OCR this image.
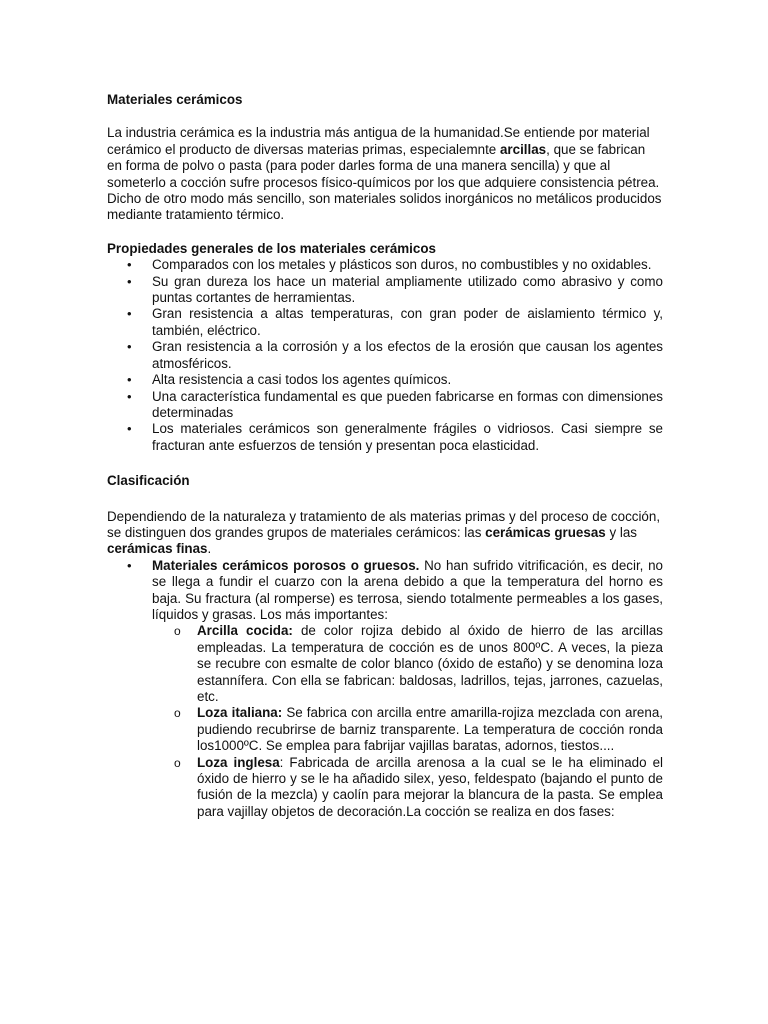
Materiales cerámicos

La industria cerámica es la industria más antigua de la humanidad.Se entiende por material cerámico el producto de diversas materias primas, especialemnte arcillas, que se fabrican en forma de polvo o pasta (para poder darles forma de una manera sencilla) y que al someterlo a cocción sufre procesos físico-químicos por los que adquiere consistencia pétrea. Dicho de otro modo más sencillo, son materiales solidos inorgánicos no metálicos producidos mediante tratamiento térmico.

Propiedades generales de los materiales cerámicos
• Comparados con los metales y plásticos son duros, no combustibles y no oxidables.
• Su gran dureza los hace un material ampliamente utilizado como abrasivo y como puntas cortantes de herramientas.
• Gran resistencia a altas temperaturas, con gran poder de aislamiento térmico y, también, eléctrico.
• Gran resistencia a la corrosión y a los efectos de la erosión que causan los agentes atmosféricos.
• Alta resistencia a casi todos los agentes químicos.
• Una característica fundamental es que pueden fabricarse en formas con dimensiones determinadas
• Los materiales cerámicos son generalmente frágiles o vidriosos. Casi siempre se fracturan ante esfuerzos de tensión y presentan poca elasticidad.
Clasificación

Dependiendo de la naturaleza y tratamiento de als materias primas y del proceso de cocción, se distinguen dos grandes grupos de materiales cerámicos: las cerámicas gruesas y las cerámicas finas.

• Materiales cerámicos porosos o gruesos. No han sufrido vitrificación, es decir, no se llega a fundir el cuarzo con la arena debido a que la temperatura del horno es baja. Su fractura (al romperse) es terrosa, siendo totalmente permeables a los gases, líquidos y grasas. Los más importantes:
o Arcilla cocida: de color rojiza debido al óxido de hierro de las arcillas empleadas. La temperatura de cocción es de unos 800ºC. A veces, la pieza se recubre con esmalte de color blanco (óxido de estaño) y se denomina loza estannífera. Con ella se fabrican: baldosas, ladrillos, tejas, jarrones, cazuelas, etc.
o Loza italiana: Se fabrica con arcilla entre amarilla-rojiza mezclada con arena, pudiendo recubrirse de barniz transparente. La temperatura de cocción ronda los1000ºC. Se emplea para fabrijar vajillas baratas, adornos, tiestos....
o Loza inglesa: Fabricada de arcilla arenosa a la cual se le ha eliminado el óxido de hierro y se le ha añadido silex, yeso, feldespato (bajando el punto de fusión de la mezcla) y caolín para mejorar la blancura de la pasta. Se emplea para vajillay objetos de decoración.La cocción se realiza en dos fases:
